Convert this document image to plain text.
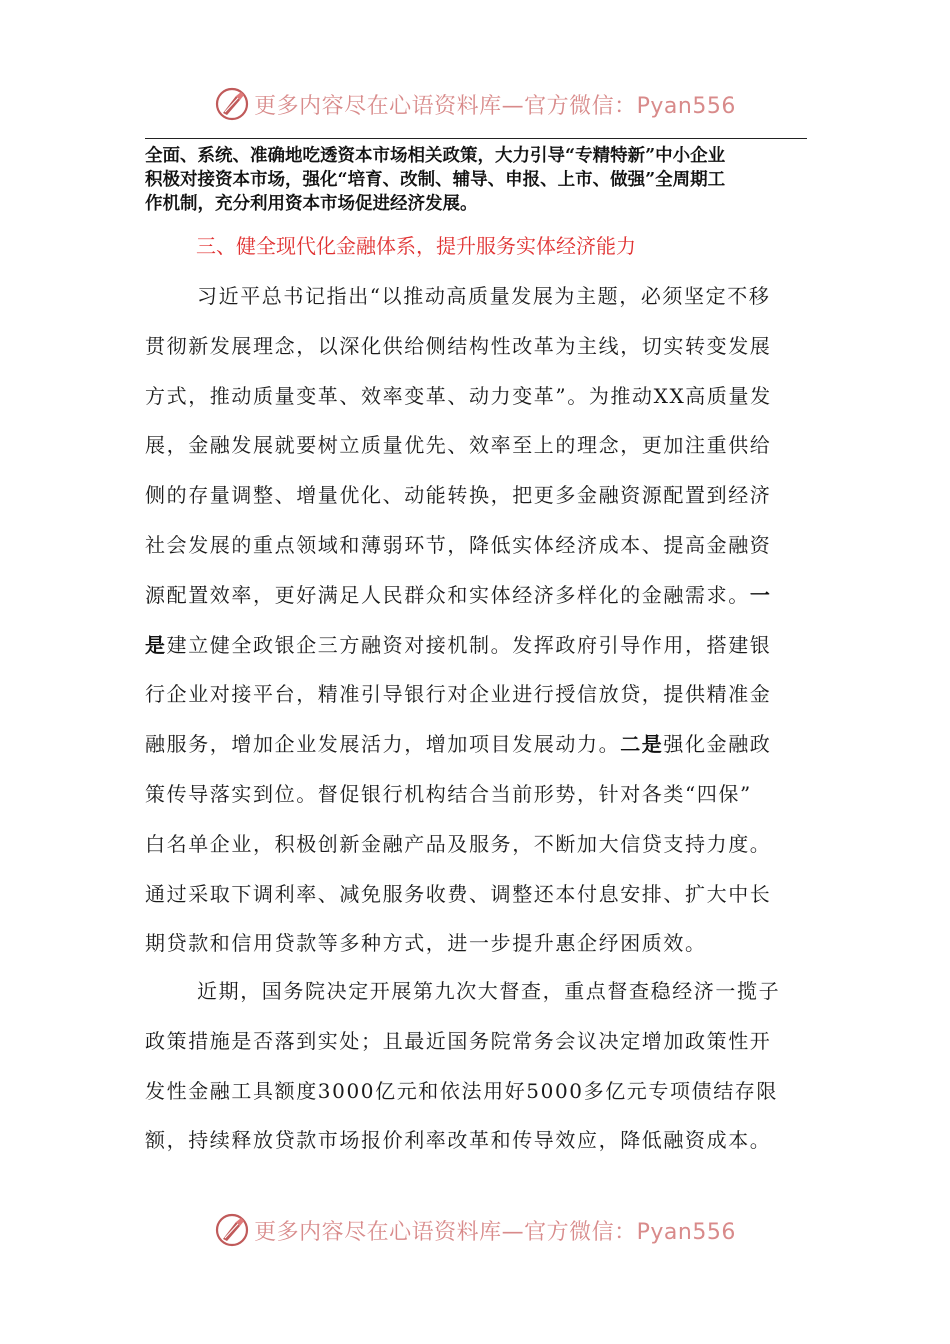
更多内容尽在心语资料库—官方微信：Pyan556
全面、系统、准确地吃透资本市场相关政策，大力引导“专精特新”中小企业
积极对接资本市场，强化“培育、改制、辅导、申报、上市、做强”全周期工
作机制，充分利用资本市场促进经济发展。
三、健全现代化金融体系，提升服务实体经济能力
习近平总书记指出“以推动高质量发展为主题，必须坚定不移
贯彻新发展理念，以深化供给侧结构性改革为主线，切实转变发展
方式，推动质量变革、效率变革、动力变革”。为推动XX高质量发
展，金融发展就要树立质量优先、效率至上的理念，更加注重供给
侧的存量调整、增量优化、动能转换，把更多金融资源配置到经济
社会发展的重点领域和薄弱环节，降低实体经济成本、提高金融资
源配置效率，更好满足人民群众和实体经济多样化的金融需求。一
是建立健全政银企三方融资对接机制。发挥政府引导作用，搭建银
行企业对接平台，精准引导银行对企业进行授信放贷，提供精准金
融服务，增加企业发展活力，增加项目发展动力。二是强化金融政
策传导落实到位。督促银行机构结合当前形势，针对各类“四保”
白名单企业，积极创新金融产品及服务，不断加大信贷支持力度。
通过采取下调利率、减免服务收费、调整还本付息安排、扩大中长
期贷款和信用贷款等多种方式，进一步提升惠企纾困质效。
近期，国务院决定开展第九次大督查，重点督查稳经济一揽子
政策措施是否落到实处；且最近国务院常务会议决定增加政策性开
发性金融工具额度3000亿元和依法用好5000多亿元专项债结存限
额，持续释放贷款市场报价利率改革和传导效应，降低融资成本。
更多内容尽在心语资料库—官方微信：Pyan556
